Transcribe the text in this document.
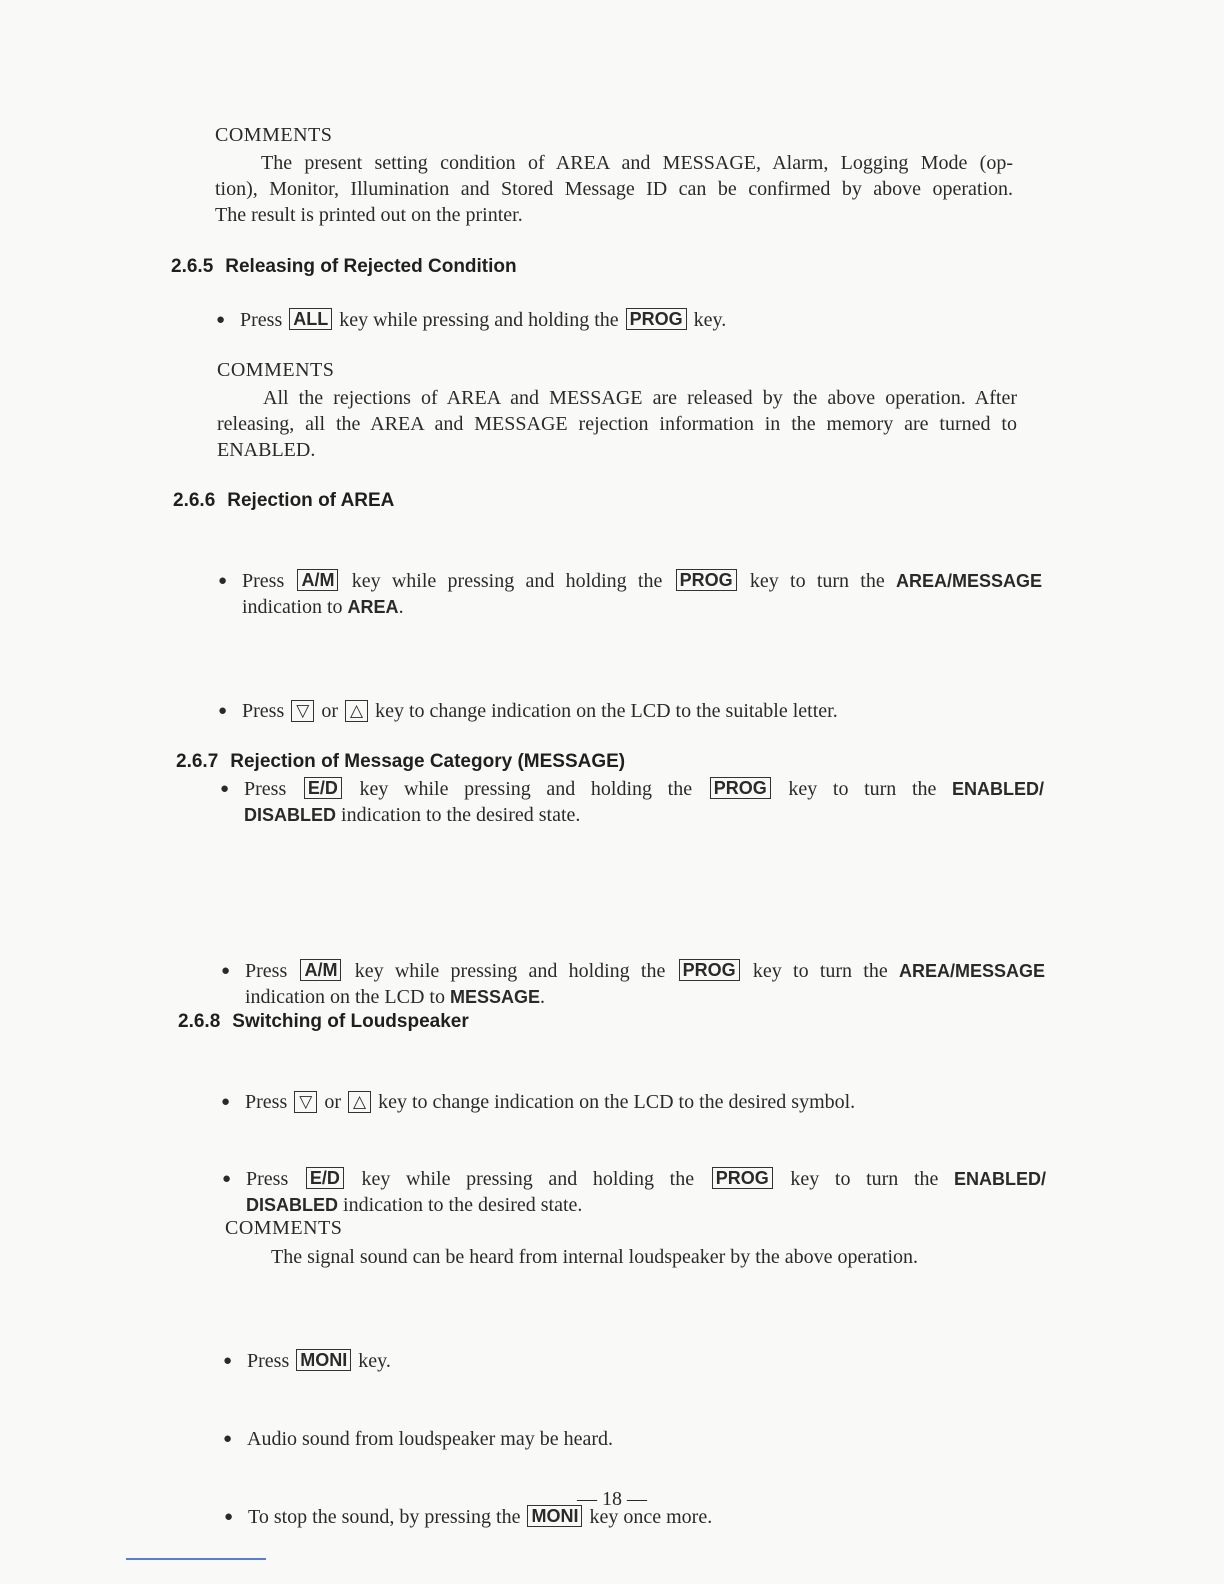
COMMENTS
The present setting condition of AREA and MESSAGE, Alarm, Logging Mode (op-
tion), Monitor, Illumination and Stored Message ID can be confirmed by above operation.
The result is printed out on the printer.
2.6.5 Releasing of Rejected Condition
● Press ALL key while pressing and holding the PROG key.
COMMENTS
All the rejections of AREA and MESSAGE are released by the above operation. After
releasing, all the AREA and MESSAGE rejection information in the memory are turned to
ENABLED.
2.6.6 Rejection of AREA
● Press A/M key while pressing and holding the PROG key to turn the AREA/MESSAGE
indication to AREA.
● Press ▽ or △ key to change indication on the LCD to the suitable letter.
● Press E/D key while pressing and holding the PROG key to turn the ENABLED/
DISABLED indication to the desired state.
2.6.7 Rejection of Message Category (MESSAGE)
● Press A/M key while pressing and holding the PROG key to turn the AREA/MESSAGE
indication on the LCD to MESSAGE.
● Press ▽ or △ key to change indication on the LCD to the desired symbol.
● Press E/D key while pressing and holding the PROG key to turn the ENABLED/
DISABLED indication to the desired state.
2.6.8 Switching of Loudspeaker
● Press MONI key.
● Audio sound from loudspeaker may be heard.
● To stop the sound, by pressing the MONI key once more.
COMMENTS
The signal sound can be heard from internal loudspeaker by the above operation.
— 18 —
